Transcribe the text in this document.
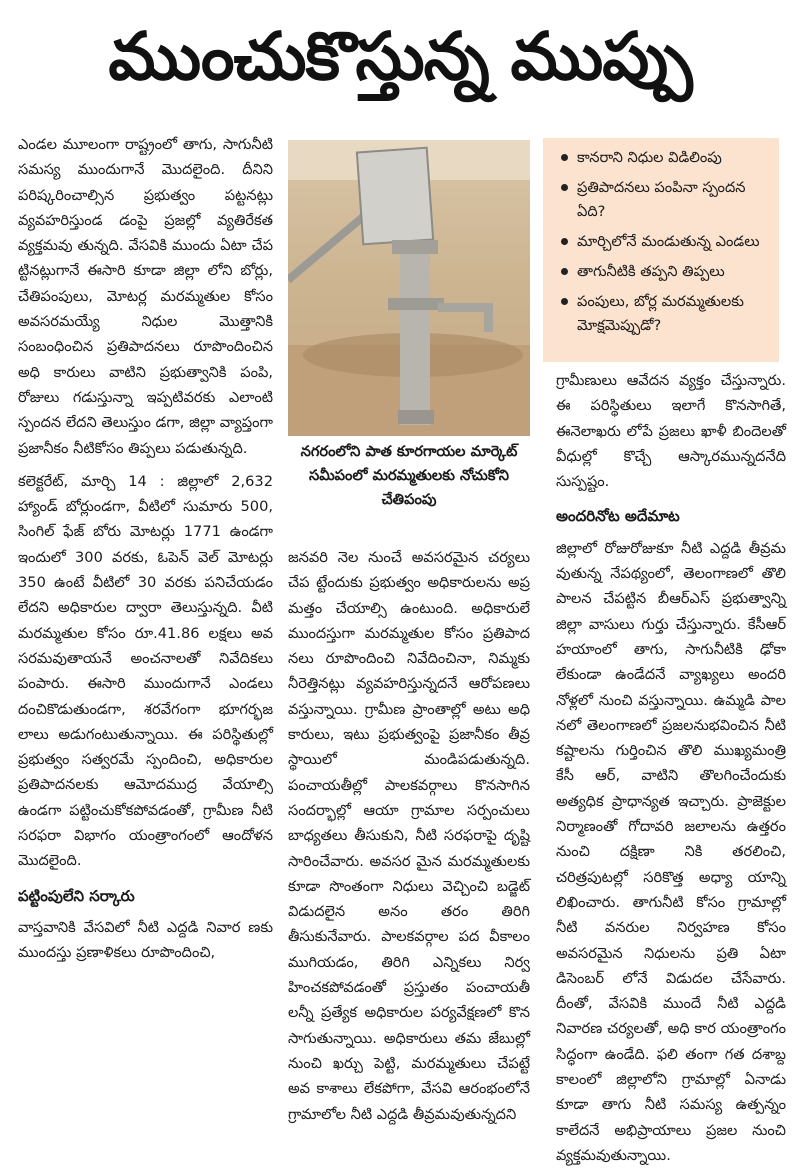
ముంచుకొస్తున్న ముప్పు

ఎండల మూలంగా రాష్ట్రంలో తాగు, సాగునీటి సమస్య ముందుగానే మొదలైంది. దీనిని పరిష్కరించాల్సిన ప్రభుత్వం పట్టనట్లు వ్యవహరిస్తుండ డంపై ప్రజల్లో వ్యతిరేకత వ్యక్తమవు తున్నది. వేసవికి ముందు ఏటా చేప ట్టినట్లుగానే ఈసారి కూడా జిల్లా లోని బోర్లు, చేతిపంపులు, మోటర్ల మరమ్మతుల కోసం అవసరమయ్యే నిధుల మొత్తానికి సంబంధించిన ప్రతిపాదనలు రూపొందించిన అధి కారులు వాటిని ప్రభుత్వానికి పంపి, రోజులు గడుస్తున్నా ఇప్పటివరకు ఎలాంటి స్పందన లేదని తెలుస్తుం డగా, జిల్లా వ్యాప్తంగా ప్రజానీకం నీటికోసం తిప్పలు పడుతున్నది.

కలెక్టరేట్, మార్చి 14 : జిల్లాలో 2,632 హ్యాండ్ బోర్లుండగా, వీటిలో సుమారు 500, సింగిల్ ఫేజ్ బోరు మోటర్లు 1771 ఉండగా ఇందులో 300 వరకు, ఓపెన్ వెల్ మోటర్లు 350 ఉంటే వీటిలో 30 వరకు పనిచేయడం లేదని అధికారుల ద్వారా తెలుస్తున్నది. వీటి మరమ్మతుల కోసం రూ.41.86 లక్షలు అవ సరమవుతాయనే అంచనాలతో నివేదికలు పంపారు. ఈసారి ముందుగానే ఎండలు దంచికొడుతుండగా, శరవేగంగా భూగర్భజ లాలు అడుగంటుతున్నాయి. ఈ పరిస్థితుల్లో ప్రభుత్వం సత్వరమే స్పందించి, అధికారుల ప్రతిపాదనలకు ఆమోదముద్ర వేయాల్సి ఉండగా పట్టించుకోకపోవడంతో, గ్రామీణ నీటి సరఫరా విభాగం యంత్రాంగంలో ఆందోళన మొదలైంది.

పట్టింపులేని సర్కారు

వాస్తవానికి వేసవిలో నీటి ఎద్దడి నివార ణకు ముందస్తు ప్రణాళికలు రూపొందించి,

నగరంలోని పాత కూరగాయల మార్కెట్ సమీపంలో మరమ్మతులకు నోచుకోని చేతిపంపు

జనవరి నెల నుంచే అవసరమైన చర్యలు చేప ట్టేందుకు ప్రభుత్వం అధికారులను అప్ర మత్తం చేయాల్సి ఉంటుంది. అధికారులే ముందస్తుగా మరమ్మతుల కోసం ప్రతిపాద నలు రూపొందించి నివేదించినా, నిమ్మకు నీరెత్తినట్లు వ్యవహరిస్తున్నదనే ఆరోపణలు వస్తున్నాయి. గ్రామీణ ప్రాంతాల్లో అటు అధి కారులు, ఇటు ప్రభుత్వంపై ప్రజానీకం తీవ్ర స్థాయిలో మండిపడుతున్నది. పంచాయతీల్లో పాలకవర్గాలు కొనసాగిన సందర్భాల్లో ఆయా గ్రామాల సర్పంచులు బాధ్యతలు తీసుకుని, నీటి సరఫరాపై దృష్టి సారించేవారు. అవసర మైన మరమ్మతులకు కూడా సొంతంగా నిధులు వెచ్చించి బడ్జెట్ విడుదలైన అనం తరం తిరిగి తీసుకునేవారు. పాలకవర్గాల పద వీకాలం ముగియడం, తిరిగి ఎన్నికలు నిర్వ హించకపోవడంతో ప్రస్తుతం పంచాయతీ లన్నీ ప్రత్యేక అధికారుల పర్యవేక్షణలో కొన సాగుతున్నాయి. అధికారులు తమ జేబుల్లో నుంచి ఖర్చు పెట్టి, మరమ్మతులు చేపట్టే అవ కాశాలు లేకపోగా, వేసవి ఆరంభంలోనే గ్రామాలోల నీటి ఎద్దడి తీవ్రమవుతున్నదని

కానరాని నిధుల విడిలింపు
ప్రతిపాదనలు పంపినా స్పందన ఏది?
మార్చిలోనే మండుతున్న ఎండలు
తాగునీటికి తప్పని తిప్పలు
పంపులు, బోర్ల మరమ్మతులకు మోక్షమెప్పుడో?

గ్రామీణులు ఆవేదన వ్యక్తం చేస్తున్నారు. ఈ పరిస్థితులు ఇలాగే కొనసాగితే, ఈనెలాఖరు లోపే ప్రజలు ఖాళీ బిందెలతో వీధుల్లో కొచ్చే ఆస్కారమున్నదనేది సుస్పష్టం.

అందరినోట అదేమాట

జిల్లాలో రోజురోజుకూ నీటి ఎద్దడి తీవ్రమ వుతున్న నేపథ్యంలో, తెలంగాణలో తొలి పాలన చేపట్టిన బీఆర్ఎస్ ప్రభుత్వాన్ని జిల్లా వాసులు గుర్తు చేస్తున్నారు. కేసీఆర్ హయాంలో తాగు, సాగునీటికి ఢోకా లేకుండా ఉండేదనే వ్యాఖ్యలు అందరి నోళ్లలో నుంచి వస్తున్నాయి. ఉమ్మడి పాల నలో తెలంగాణలో ప్రజలనుభవించిన నీటి కష్టాలను గుర్తించిన తొలి ముఖ్యమంత్రి కేసీ ఆర్, వాటిని తొలగించేందుకు అత్యధిక ప్రాధాన్యత ఇచ్చారు. ప్రాజెక్టుల నిర్మాణంతో గోదావరి జలాలను ఉత్తరం నుంచి దక్షిణా నికి తరలించి, చరిత్రపుటల్లో సరికొత్త అధ్యా యాన్ని లిఖించారు. తాగునీటి కోసం గ్రామాల్లో నీటి వనరుల నిర్వహణ కోసం అవసరమైన నిధులను ప్రతి ఏటా డిసెంబర్ లోనే విడుదల చేసేవారు. దీంతో, వేసవికి ముందే నీటి ఎద్దడి నివారణ చర్యలతో, అధి కార యంత్రాంగం సిద్ధంగా ఉండేది. ఫలి తంగా గత దశాబ్ద కాలంలో జిల్లాలోని గ్రామాల్లో ఏనాడు కూడా తాగు నీటి సమస్య ఉత్పన్నం కాలేదనే అభిప్రాయాలు ప్రజల నుంచి వ్యక్తమవుతున్నాయి.
